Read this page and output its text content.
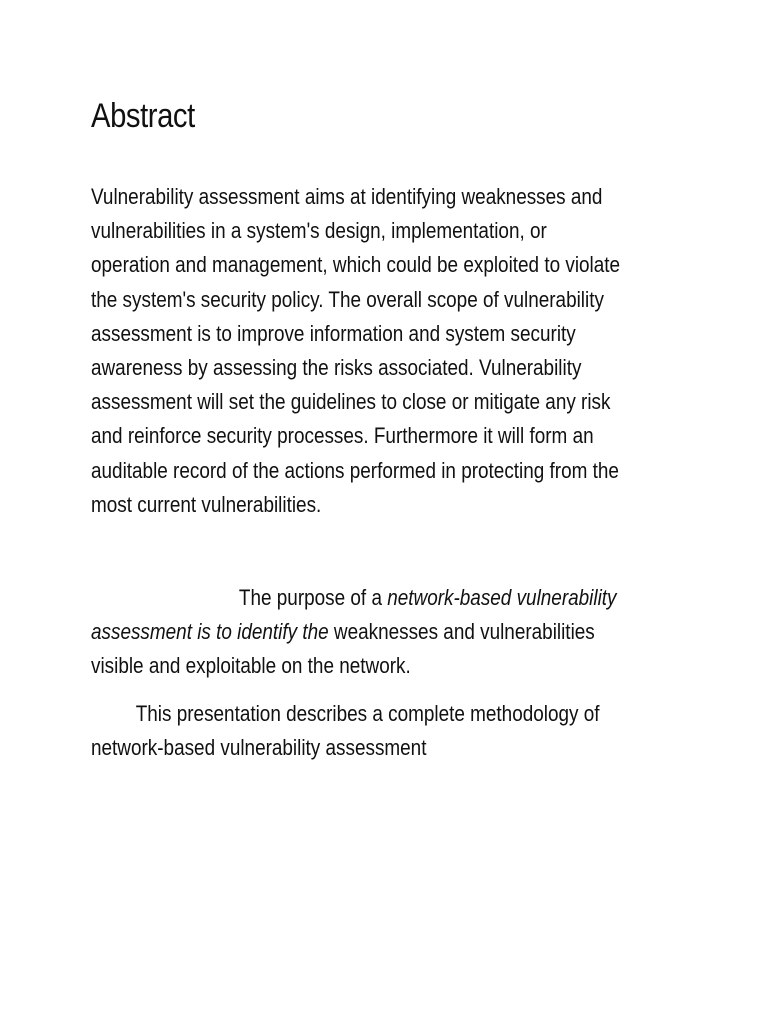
Abstract

Vulnerability assessment aims at identifying weaknesses and
vulnerabilities in a system's design, implementation, or
operation and management, which could be exploited to violate
the system's security policy. The overall scope of vulnerability
assessment is to improve information and system security
awareness by assessing the risks associated. Vulnerability
assessment will set the guidelines to close or mitigate any risk
and reinforce security processes. Furthermore it will form an
auditable record of the actions performed in protecting from the
most current vulnerabilities.

The purpose of a network-based vulnerability
assessment is to identify the weaknesses and vulnerabilities
visible and exploitable on the network.

This presentation describes a complete methodology of
network-based vulnerability assessment
